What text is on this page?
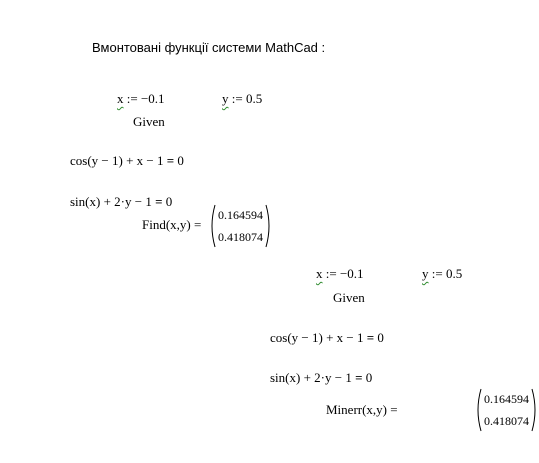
Вмонтовані функції системи MathCad :
x := −0.1	y := 0.5
Given
cos(y − 1) + x − 1 = 0
sin(x) + 2·y − 1 = 0
Find(x,y) =
0.164594
0.418074

x := −0.1	y := 0.5
Given
cos(y − 1) + x − 1 = 0
sin(x) + 2·y − 1 = 0
Minerr(x,y) =
0.164594
0.418074
